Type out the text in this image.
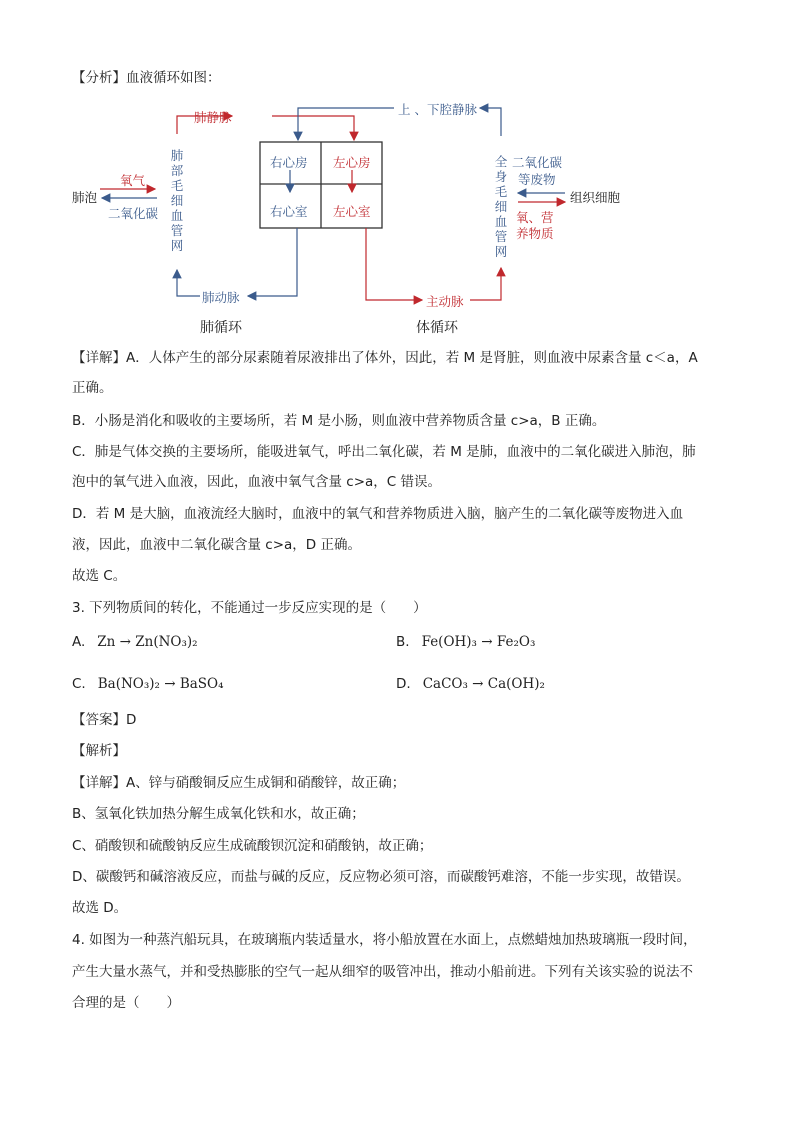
【分析】血液循环如图：
肺静脉
上 、下腔静脉
肺部毛细血管网
全身毛细血管网
肺泡
氧气
二氧化碳
右心房 左心房
右心室 左心室
二氧化碳
等废物
组织细胞
氧、营
养物质
肺动脉	主动脉
肺循环	体循环
【详解】A．人体产生的部分尿素随着尿液排出了体外，因此，若 M 是肾脏，则血液中尿素含量 c＜a，A
正确。
B．小肠是消化和吸收的主要场所，若 M 是小肠，则血液中营养物质含量 c>a，B 正确。
C．肺是气体交换的主要场所，能吸进氧气，呼出二氧化碳，若 M 是肺，血液中的二氧化碳进入肺泡，肺
泡中的氧气进入血液，因此，血液中氧气含量 c>a，C 错误。
D．若 M 是大脑，血液流经大脑时，血液中的氧气和营养物质进入脑，脑产生的二氧化碳等废物进入血
液，因此，血液中二氧化碳含量 c>a，D 正确。
故选 C。
3. 下列物质间的转化，不能通过一步反应实现的是（　　）
A. Zn → Zn(NO₃)₂	B. Fe(OH)₃ → Fe₂O₃
C. Ba(NO₃)₂ → BaSO₄	D. CaCO₃ → Ca(OH)₂
【答案】D
【解析】
【详解】A、锌与硝酸铜反应生成铜和硝酸锌，故正确；
B、氢氧化铁加热分解生成氧化铁和水，故正确；
C、硝酸钡和硫酸钠反应生成硫酸钡沉淀和硝酸钠，故正确；
D、碳酸钙和碱溶液反应，而盐与碱的反应，反应物必须可溶，而碳酸钙难溶，不能一步实现，故错误。
故选 D。
4. 如图为一种蒸汽船玩具，在玻璃瓶内装适量水，将小船放置在水面上，点燃蜡烛加热玻璃瓶一段时间，
产生大量水蒸气，并和受热膨胀的空气一起从细窄的吸管冲出，推动小船前进。下列有关该实验的说法不
合理的是（　　）
